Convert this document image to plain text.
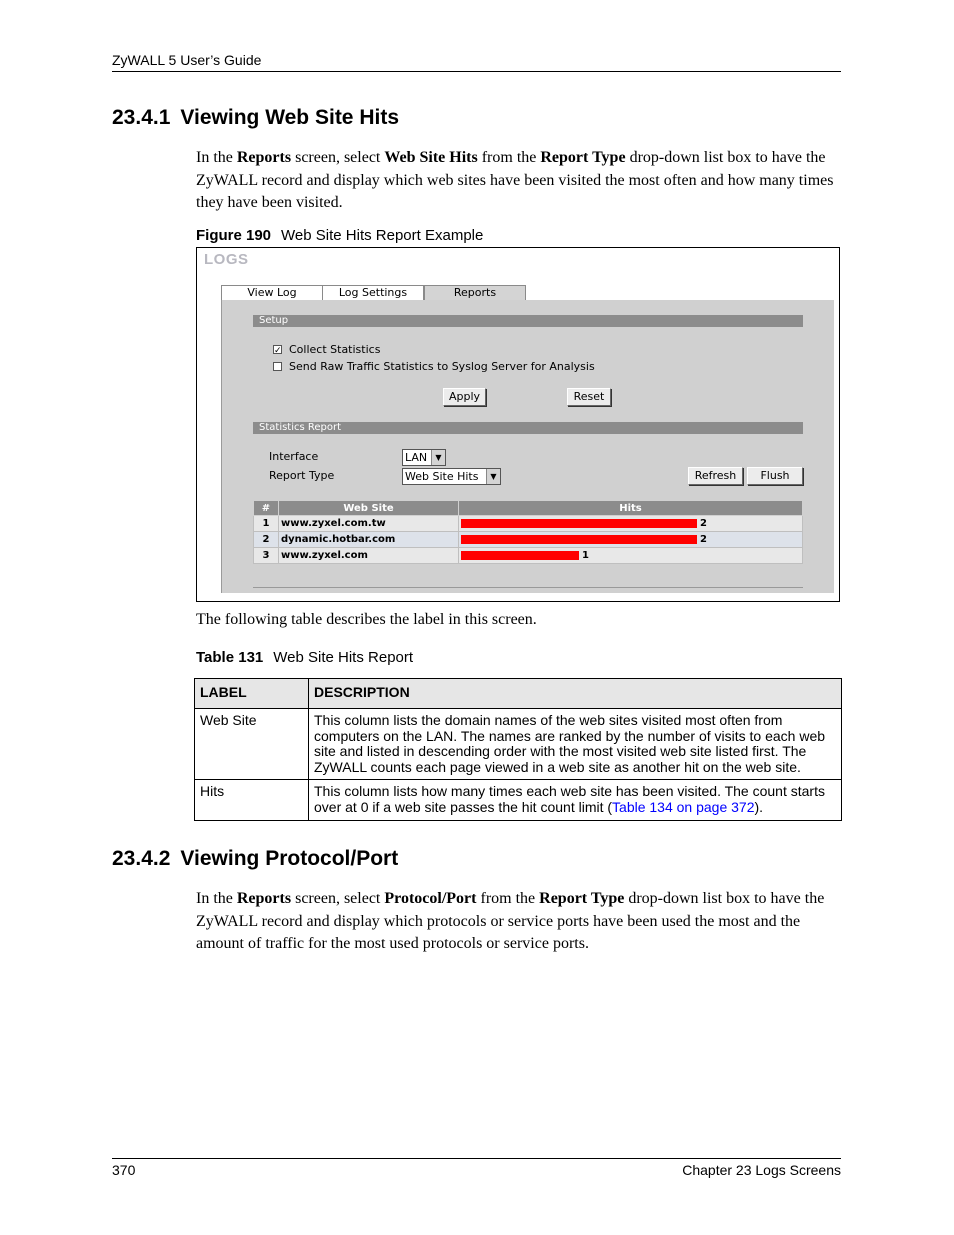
ZyWALL 5 User’s Guide
23.4.1 Viewing Web Site Hits
In the Reports screen, select Web Site Hits from the Report Type drop-down list box to have the ZyWALL record and display which web sites have been visited the most often and how many times they have been visited.
Figure 190 Web Site Hits Report Example
LOGS
View Log	Log Settings	Reports
Setup
✓ Collect Statistics
Send Raw Traffic Statistics to Syslog Server for Analysis
Apply	Reset
Statistics Report
Interface	LAN	▼
Report Type	Web Site Hits	▼	Refresh	Flush
#	Web Site	Hits
1	www.zyxel.com.tw	2
2	dynamic.hotbar.com	2
3	www.zyxel.com	1
The following table describes the label in this screen.
Table 131 Web Site Hits Report
LABEL	DESCRIPTION
Web Site	This column lists the domain names of the web sites visited most often from computers on the LAN. The names are ranked by the number of visits to each web site and listed in descending order with the most visited web site listed first. The ZyWALL counts each page viewed in a web site as another hit on the web site.
Hits	This column lists how many times each web site has been visited. The count starts over at 0 if a web site passes the hit count limit (Table 134 on page 372).
23.4.2 Viewing Protocol/Port
In the Reports screen, select Protocol/Port from the Report Type drop-down list box to have the ZyWALL record and display which protocols or service ports have been used the most and the amount of traffic for the most used protocols or service ports.
370	Chapter 23 Logs Screens
